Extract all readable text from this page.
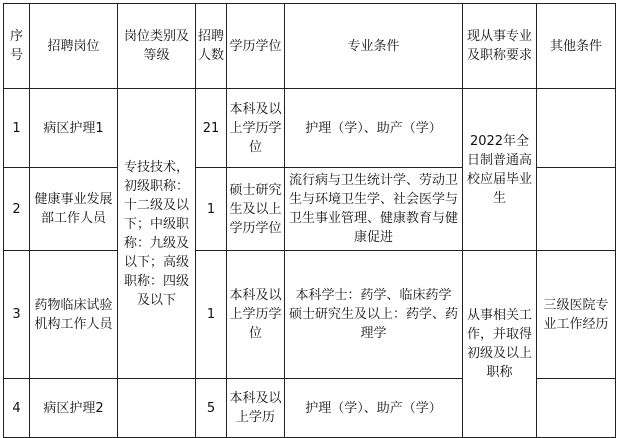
序号	招聘岗位	岗位类别及等级	招聘人数	学历学位	专业条件	现从事专业及职称要求	其他条件
1	病区护理1	专技技术，初级职称：十二级及以下；中级职称：九级及以下；高级职称：四级及以下	21	本科及以上学历学位	护理（学）、助产（学）	2022年全日制普通高校应届毕业生	
2	健康事业发展部工作人员		1	硕士研究生及以上学历学位	流行病与卫生统计学、劳动卫生与环境卫生学、社会医学与卫生事业管理、健康教育与健康促进		
3	药物临床试验机构工作人员		1	本科及以上学历学位	本科学士：药学、临床药学 硕士研究生及以上：药学、药理学	从事相关工作，并取得初级及以上职称	三级医院专业工作经历
4	病区护理2		5	本科及以上学历	护理（学）、助产（学）		
